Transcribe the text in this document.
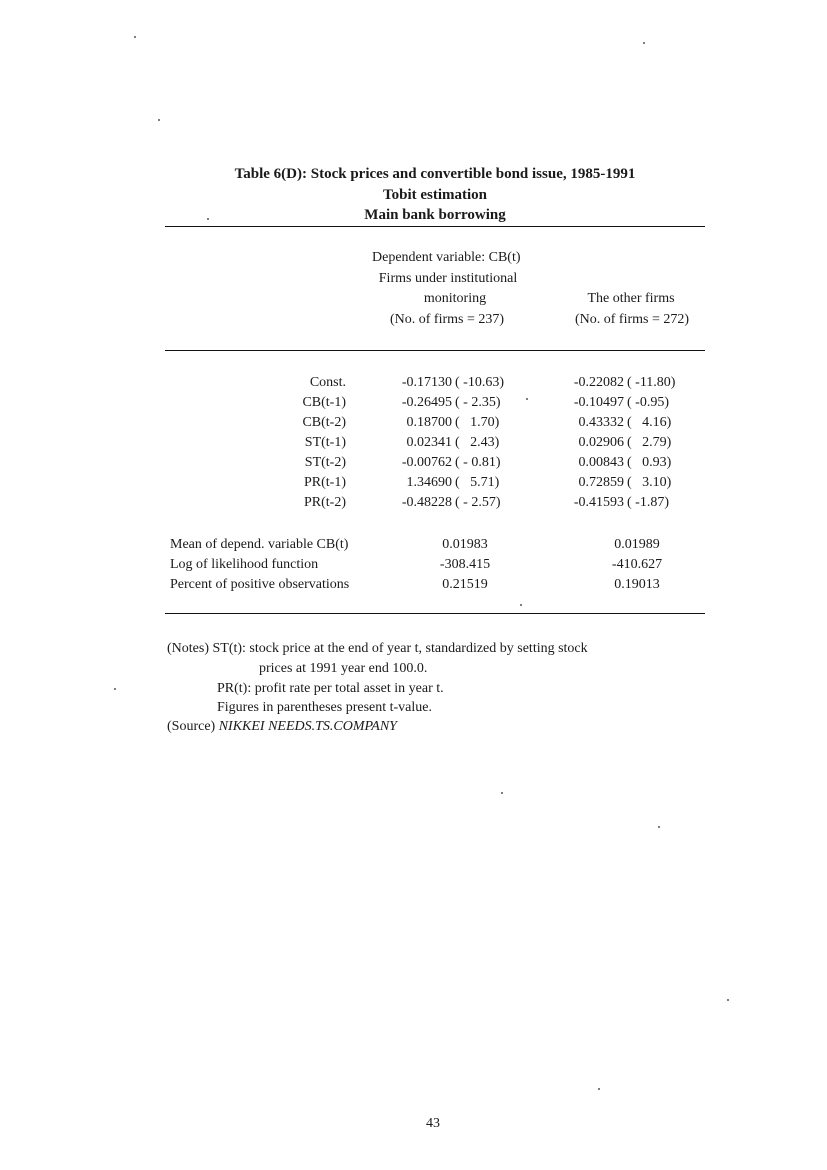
Table 6(D): Stock prices and convertible bond issue, 1985-1991
Tobit estimation
Main bank borrowing
Dependent variable: CB(t)
Firms under institutional
monitoring
(No. of firms = 237)
The other firms
(No. of firms = 272)
Const.	-0.17130 ( -10.63)	-0.22082 ( -11.80)
CB(t-1)	-0.26495 ( - 2.35)	-0.10497 ( -0.95)
CB(t-2)	0.18700 (   1.70)	0.43332 (   4.16)
ST(t-1)	0.02341 (   2.43)	0.02906 (   2.79)
ST(t-2)	-0.00762 ( - 0.81)	0.00843 (   0.93)
PR(t-1)	1.34690 (   5.71)	0.72859 (   3.10)
PR(t-2)	-0.48228 ( - 2.57)	-0.41593 ( -1.87)
Mean of depend. variable CB(t)	0.01983	0.01989
Log of likelihood function	-308.415	-410.627
Percent of positive observations	0.21519	0.19013
(Notes) ST(t): stock price at the end of year t, standardized by setting stock
prices at 1991 year end 100.0.
PR(t): profit rate per total asset in year t.
Figures in parentheses present t-value.
(Source) NIKKEI NEEDS.TS.COMPANY
43
